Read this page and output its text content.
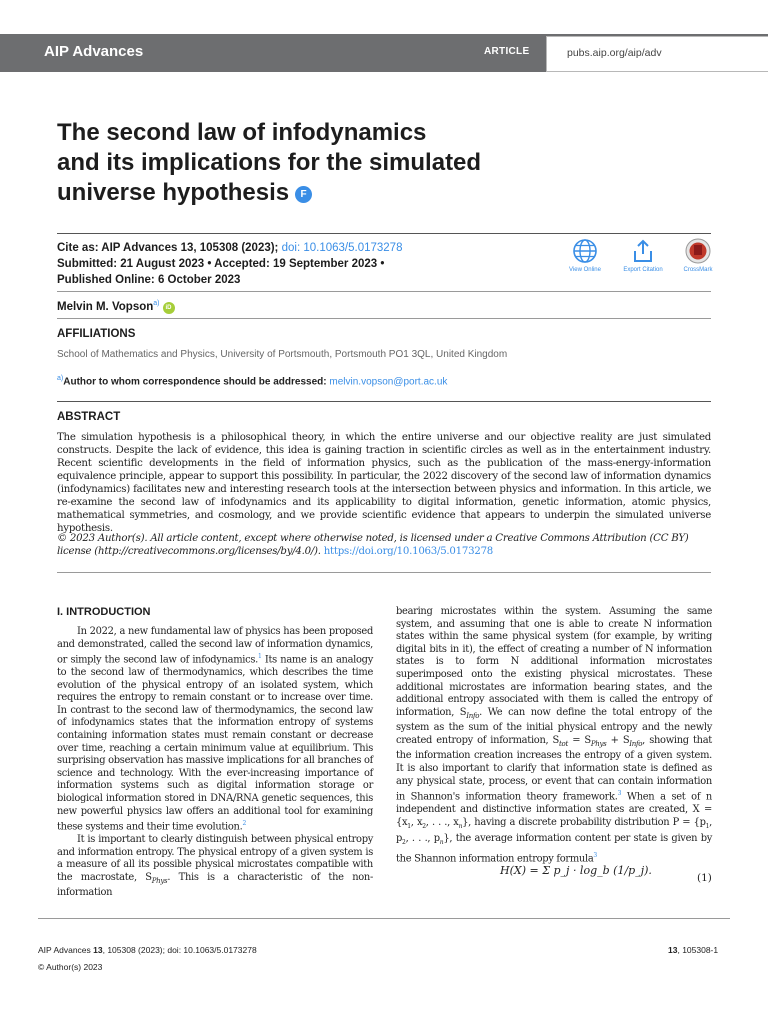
AIP Advances	ARTICLE	pubs.aip.org/aip/adv
The second law of infodynamics
and its implications for the simulated
universe hypothesis F
Cite as: AIP Advances 13, 105308 (2023); doi: 10.1063/5.0173278
Submitted: 21 August 2023 • Accepted: 19 September 2023 •
Published Online: 6 October 2023
View Online	Export Citation	CrossMark
Melvin M. Vopson$^{a)}$iD
AFFILIATIONS
School of Mathematics and Physics, University of Portsmouth, Portsmouth PO1 3QL, United Kingdom
$^{a)}$Author to whom correspondence should be addressed: melvin.vopson@port.ac.uk
ABSTRACT
The simulation hypothesis is a philosophical theory, in which the entire universe and our objective reality are just simulated constructs. Despite the lack of evidence, this idea is gaining traction in scientific circles as well as in the entertainment industry. Recent scientific developments in the field of information physics, such as the publication of the mass-energy-information equivalence principle, appear to support this possibility. In particular, the 2022 discovery of the second law of information dynamics (infodynamics) facilitates new and interesting research tools at the intersection between physics and information. In this article, we re-examine the second law of infodynamics and its applicability to digital information, genetic information, atomic physics, mathematical symmetries, and cosmology, and we provide scientific evidence that appears to underpin the simulated universe hypothesis.
© 2023 Author(s). All article content, except where otherwise noted, is licensed under a Creative Commons Attribution (CC BY) license (http://creativecommons.org/licenses/by/4.0/). https://doi.org/10.1063/5.0173278
I. INTRODUCTION

In 2022, a new fundamental law of physics has been proposed and demonstrated, called the second law of information dynamics, or simply the second law of infodynamics.$^1$ Its name is an analogy to the second law of thermodynamics, which describes the time evolution of the physical entropy of an isolated system, which requires the entropy to remain constant or to increase over time. In contrast to the second law of thermodynamics, the second law of infodynamics states that the information entropy of systems containing information states must remain constant or decrease over time, reaching a certain minimum value at equilibrium. This surprising observation has massive implications for all branches of science and technology. With the ever-increasing importance of information systems such as digital information storage or biological information stored in DNA/RNA genetic sequences, this new powerful physics law offers an additional tool for examining these systems and their time evolution.$^2$

It is important to clearly distinguish between physical entropy and information entropy. The physical entropy of a given system is a measure of all its possible physical microstates compatible with the macrostate, $S_{Phys}$. This is a characteristic of the non-information

bearing microstates within the system. Assuming the same system, and assuming that one is able to create N information states within the same physical system (for example, by writing digital bits in it), the effect of creating a number of N information states is to form N additional information microstates superimposed onto the existing physical microstates. These additional microstates are information bearing states, and the additional entropy associated with them is called the entropy of information, $S_{Info}$. We can now define the total entropy of the system as the sum of the initial physical entropy and the newly created entropy of information, $S_{tot} = S_{Phys} + S_{Info}$, showing that the information creation increases the entropy of a given system. It is also important to clarify that information state is defined as any physical state, process, or event that can contain information in Shannon's information theory framework.$^3$ When a set of n independent and distinctive information states are created, $X = \{x_1$, $x_2$, . . ., $x_n$}, having a discrete probability distribution $P = \{p_1$, $p_2$, . . ., $p_n$}, the average information content per state is given by the Shannon information entropy formula$^3$
H(X) = Σ p_j · log_b (1/p_j).
(1)
AIP Advances 13, 105308 (2023); doi: 10.1063/5.0173278
© Author(s) 2023
13, 105308-1
